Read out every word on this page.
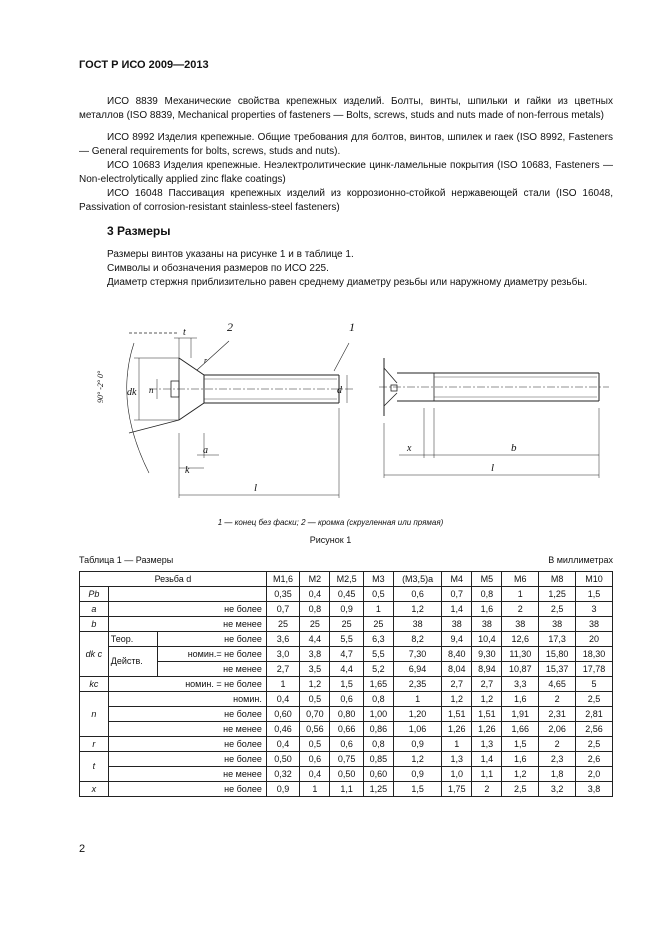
ГОСТ Р ИСО 2009—2013
ИСО 8839 Механические свойства крепежных изделий. Болты, винты, шпильки и гайки из цветных металлов (ISO 8839, Mechanical properties of fasteners — Bolts, screws, studs and nuts made of non-ferrous metals)
ИСО 8992 Изделия крепежные. Общие требования для болтов, винтов, шпилек и гаек (ISO 8992, Fasteners — General requirements for bolts, screws, studs and nuts).
ИСО 10683 Изделия крепежные. Неэлектролитические цинк-ламельные покрытия (ISO 10683, Fasteners — Non-electrolytically applied zinc flake coatings)
ИСО 16048 Пассивация крепежных изделий из коррозионно-стойкой нержавеющей стали (ISO 16048, Passivation of corrosion-resistant stainless-steel fasteners)
3 Размеры
Размеры винтов указаны на рисунке 1 и в таблице 1.
Символы и обозначения размеров по ИСО 225.
Диаметр стержня приблизительно равен среднему диаметру резьбы или наружному диаметру резьбы.
t	2	1
r
dk n	d
90° -2° 0°
a
k
l
x	b
l
1 — конец без фаски; 2 — кромка (скругленная или прямая)
Рисунок 1
Таблица 1 — Размеры	В миллиметрах
Резьба d			M1,6	M2	M2,5	M3	(M3,5)a	M4	M5	M6	M8	M10
Pb			0,35	0,4	0,45	0,5	0,6	0,7	0,8	1	1,25	1,5
a	не более		0,7	0,8	0,9	1	1,2	1,4	1,6	2	2,5	3
b	не менее		25	25	25	25	38	38	38	38	38	38
dk c	Теор.	не более	3,6	4,4	5,5	6,3	8,2	9,4	10,4	12,6	17,3	20
	Действ.	номин.= не более	3,0	3,8	4,7	5,5	7,30	8,40	9,30	11,30	15,80	18,30
		не менее	2,7	3,5	4,4	5,2	6,94	8,04	8,94	10,87	15,37	17,78
kc	номин. = не более		1	1,2	1,5	1,65	2,35	2,7	2,7	3,3	4,65	5
n	номин.		0,4	0,5	0,6	0,8	1	1,2	1,2	1,6	2	2,5
	не более		0,60	0,70	0,80	1,00	1,20	1,51	1,51	1,91	2,31	2,81
	не менее		0,46	0,56	0,66	0,86	1,06	1,26	1,26	1,66	2,06	2,56
r	не более		0,4	0,5	0,6	0,8	0,9	1	1,3	1,5	2	2,5
t	не более		0,50	0,6	0,75	0,85	1,2	1,3	1,4	1,6	2,3	2,6
	не менее		0,32	0,4	0,50	0,60	0,9	1,0	1,1	1,2	1,8	2,0
x	не более		0,9	1	1,1	1,25	1,5	1,75	2	2,5	3,2	3,8
2
